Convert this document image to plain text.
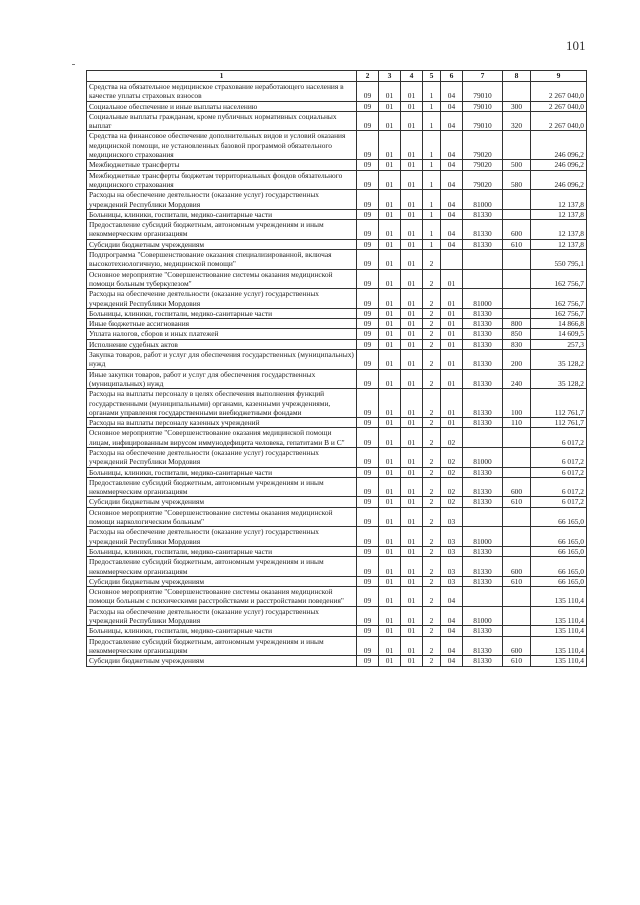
101
1	2	3	4	5	6	7	8	9
Средства на обязательное медицинское страхование неработающего населения в качестве уплаты страховых взносов	09	01	01	1	04	79010		2 267 040,0
Социальное обеспечение и иные выплаты населению	09	01	01	1	04	79010	300	2 267 040,0
Социальные выплаты гражданам, кроме публичных нормативных социальных выплат	09	01	01	1	04	79010	320	2 267 040,0
Средства на финансовое обеспечение дополнительных видов и условий оказания медицинской помощи, не установленных базовой программой обязательного медицинского страхования	09	01	01	1	04	79020		246 096,2
Межбюджетные трансферты	09	01	01	1	04	79020	500	246 096,2
Межбюджетные трансферты бюджетам территориальных фондов обязательного медицинского страхования	09	01	01	1	04	79020	580	246 096,2
Расходы на обеспечение деятельности (оказание услуг) государственных учреждений Республики Мордовия	09	01	01	1	04	81000		12 137,8
Больницы, клиники, госпитали, медико-санитарные части	09	01	01	1	04	81330		12 137,8
Предоставление субсидий бюджетным, автономным учреждениям и иным некоммерческим организациям	09	01	01	1	04	81330	600	12 137,8
Субсидии бюджетным учреждениям	09	01	01	1	04	81330	610	12 137,8
Подпрограмма "Совершенствование оказания специализированной, включая высокотехнологичную, медицинской помощи"	09	01	01	2				550 795,1
Основное мероприятие "Совершенствование системы оказания медицинской помощи больным туберкулезом"	09	01	01	2	01			162 756,7
Расходы на обеспечение деятельности (оказание услуг) государственных учреждений Республики Мордовия	09	01	01	2	01	81000		162 756,7
Больницы, клиники, госпитали, медико-санитарные части	09	01	01	2	01	81330		162 756,7
Иные бюджетные ассигнования	09	01	01	2	01	81330	800	14 866,8
Уплата налогов, сборов и иных платежей	09	01	01	2	01	81330	850	14 609,5
Исполнение судебных актов	09	01	01	2	01	81330	830	257,3
Закупка товаров, работ и услуг для обеспечения государственных (муниципальных) нужд	09	01	01	2	01	81330	200	35 128,2
Иные закупки товаров, работ и услуг для обеспечения государственных (муниципальных) нужд	09	01	01	2	01	81330	240	35 128,2
Расходы на выплаты персоналу в целях обеспечения выполнения функций государственными (муниципальными) органами, казенными учреждениями, органами управления государственными внебюджетными фондами	09	01	01	2	01	81330	100	112 761,7
Расходы на выплаты персоналу казенных учреждений	09	01	01	2	01	81330	110	112 761,7
Основное мероприятие "Совершенствование оказания медицинской помощи лицам, инфицированным вирусом иммунодефицита человека, гепатитами В и С"	09	01	01	2	02			6 017,2
Расходы на обеспечение деятельности (оказание услуг) государственных учреждений Республики Мордовия	09	01	01	2	02	81000		6 017,2
Больницы, клиники, госпитали, медико-санитарные части	09	01	01	2	02	81330		6 017,2
Предоставление субсидий бюджетным, автономным учреждениям и иным некоммерческим организациям	09	01	01	2	02	81330	600	6 017,2
Субсидии бюджетным учреждениям	09	01	01	2	02	81330	610	6 017,2
Основное мероприятие "Совершенствование системы оказания медицинской помощи наркологическим больным"	09	01	01	2	03			66 165,0
Расходы на обеспечение деятельности (оказание услуг) государственных учреждений Республики Мордовия	09	01	01	2	03	81000		66 165,0
Больницы, клиники, госпитали, медико-санитарные части	09	01	01	2	03	81330		66 165,0
Предоставление субсидий бюджетным, автономным учреждениям и иным некоммерческим организациям	09	01	01	2	03	81330	600	66 165,0
Субсидии бюджетным учреждениям	09	01	01	2	03	81330	610	66 165,0
Основное мероприятие "Совершенствование системы оказания медицинской помощи больным с психическими расстройствами и расстройствами поведения"	09	01	01	2	04			135 110,4
Расходы на обеспечение деятельности (оказание услуг) государственных учреждений Республики Мордовия	09	01	01	2	04	81000		135 110,4
Больницы, клиники, госпитали, медико-санитарные части	09	01	01	2	04	81330		135 110,4
Предоставление субсидий бюджетным, автономным учреждениям и иным некоммерческим организациям	09	01	01	2	04	81330	600	135 110,4
Субсидии бюджетным учреждениям	09	01	01	2	04	81330	610	135 110,4
